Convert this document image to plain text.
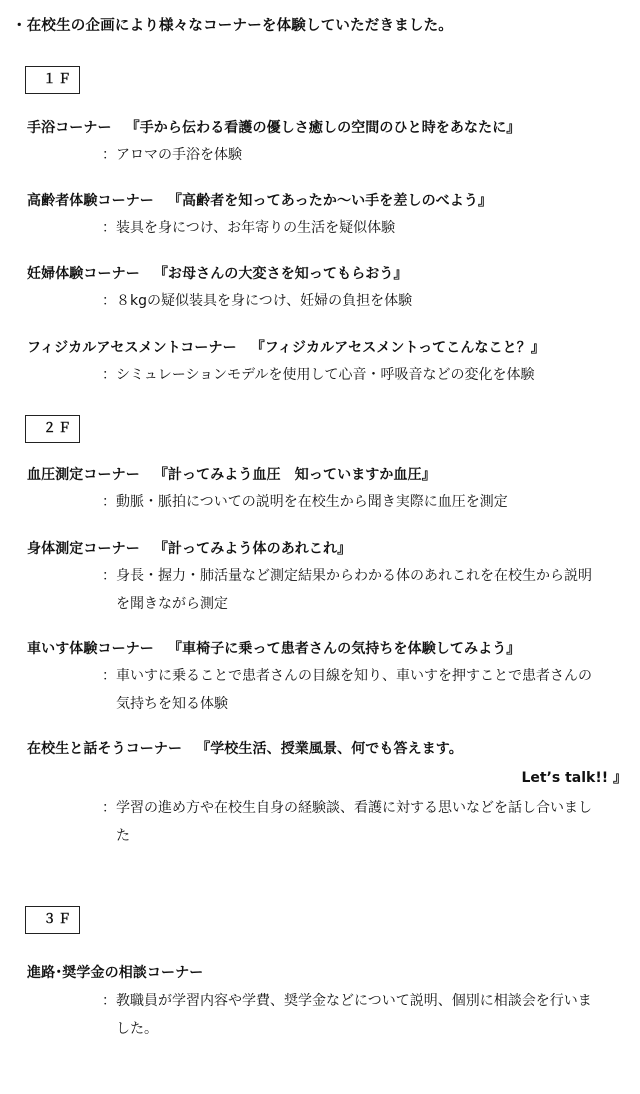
・在校生の企画により様々なコーナーを体験していただきました。
１Ｆ
手浴コーナー 『手から伝わる看護の優しさ癒しの空間のひと時をあなたに』
： アロマの手浴を体験
高齢者体験コーナー 『高齢者を知ってあったか～い手を差しのべよう』
： 装具を身につけ、お年寄りの生活を疑似体験
妊婦体験コーナー 『お母さんの大変さを知ってもらおう』
： ８kgの疑似装具を身につけ、妊婦の負担を体験
フィジカルアセスメントコーナー 『フィジカルアセスメントってこんなこと？』
： シミュレーションモデルを使用して心音・呼吸音などの変化を体験
２Ｆ
血圧測定コーナー 『計ってみよう血圧　知っていますか血圧』
： 動脈・脈拍についての説明を在校生から聞き実際に血圧を測定
身体測定コーナー 『計ってみよう体のあれこれ』
： 身長・握力・肺活量など測定結果からわかる体のあれこれを在校生から説明を聞きながら測定
車いす体験コーナー 『車椅子に乗って患者さんの気持ちを体験してみよう』
： 車いすに乗ることで患者さんの目線を知り、車いすを押すことで患者さんの気持ちを知る体験
在校生と話そうコーナー 『学校生活、授業風景、何でも答えます。
Let’s talk!! 』
： 学習の進め方や在校生自身の経験談、看護に対する思いなどを話し合いました
３Ｆ
進路･奨学金の相談コーナー
： 教職員が学習内容や学費、奨学金などについて説明、個別に相談会を行いました。
